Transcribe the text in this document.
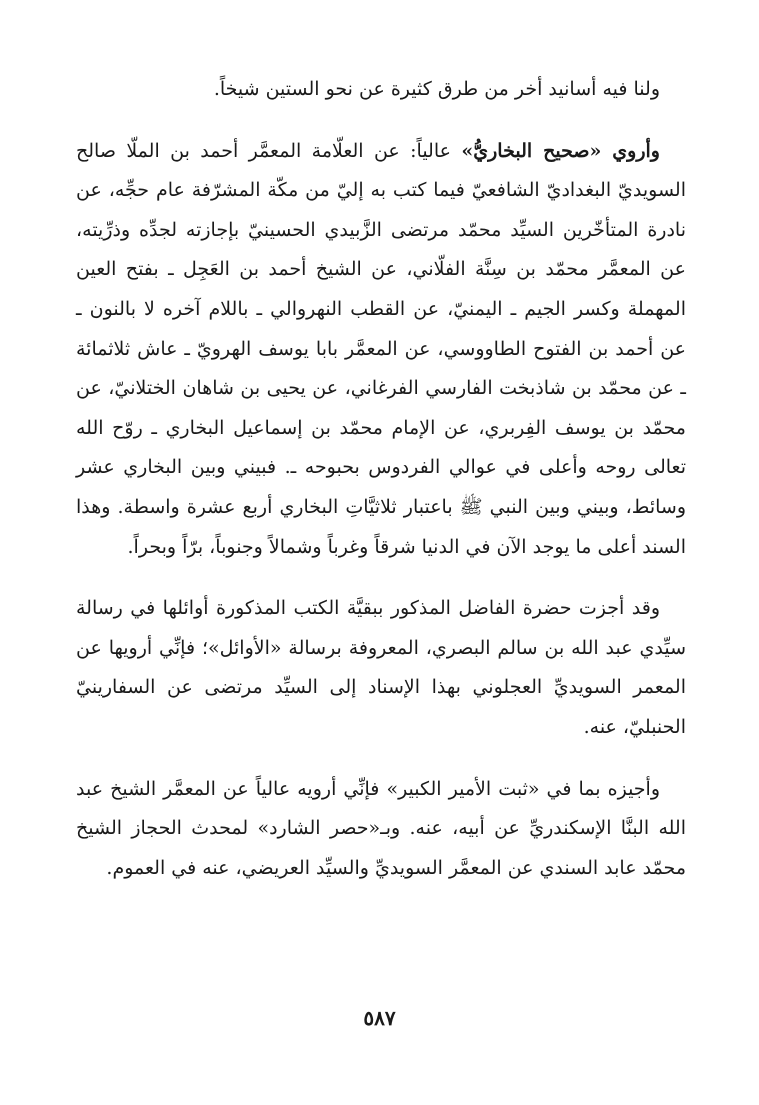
ولنا فيه أسانيد أخر من طرق كثيرة عن نحو الستين شيخاً.

وأروي «صحيح البخاريُّ» عالياً: عن العلّامة المعمَّر أحمد بن الملّا صالح السويديّ البغداديّ الشافعيّ فيما كتب به إليّ من مكّة المشرّفة عام حجِّه، عن نادرة المتأخّرين السيِّد محمّد مرتضى الزَّبيدي الحسينيّ بإجازته لجدِّه وذرِّيته، عن المعمَّر محمّد بن سِنَّة الفلّاني، عن الشيخ أحمد بن العَجِل ـ بفتح العين المهملة وكسر الجيم ـ اليمنيّ، عن القطب النهروالي ـ باللام آخره لا بالنون ـ عن أحمد بن الفتوح الطاووسي، عن المعمَّر بابا يوسف الهرويّ ـ عاش ثلاثمائة ـ عن محمّد بن شاذبخت الفارسي الفرغاني، عن يحيى بن شاهان الختلانيّ، عن محمّد بن يوسف الفِربري، عن الإمام محمّد بن إسماعيل البخاري ـ روّح الله تعالى روحه وأعلى في عوالي الفردوس بحبوحه ـ. فبيني وبين البخاري عشر وسائط، وبيني وبين النبي ﷺ باعتبار ثلاثيَّاتِ البخاري أربع عشرة واسطة. وهذا السند أعلى ما يوجد الآن في الدنيا شرقاً وغرباً وشمالاً وجنوباً، برّاً وبحراً.

وقد أجزت حضرة الفاضل المذكور ببقيَّة الكتب المذكورة أوائلها في رسالة سيِّدي عبد الله بن سالم البصري، المعروفة برسالة «الأوائل»؛ فإنِّي أرويها عن المعمر السويديِّ العجلوني بهذا الإسناد إلى السيِّد مرتضى عن السفارينيّ الحنبليّ، عنه.

وأجيزه بما في «ثبت الأمير الكبير» فإنِّي أرويه عالياً عن المعمَّر الشيخ عبد الله البنَّا الإسكندريِّ عن أبيه، عنه. وبـ«حصر الشارد» لمحدث الحجاز الشيخ محمّد عابد السندي عن المعمَّر السويديِّ والسيِّد العريضي، عنه في العموم.

٥٨٧
